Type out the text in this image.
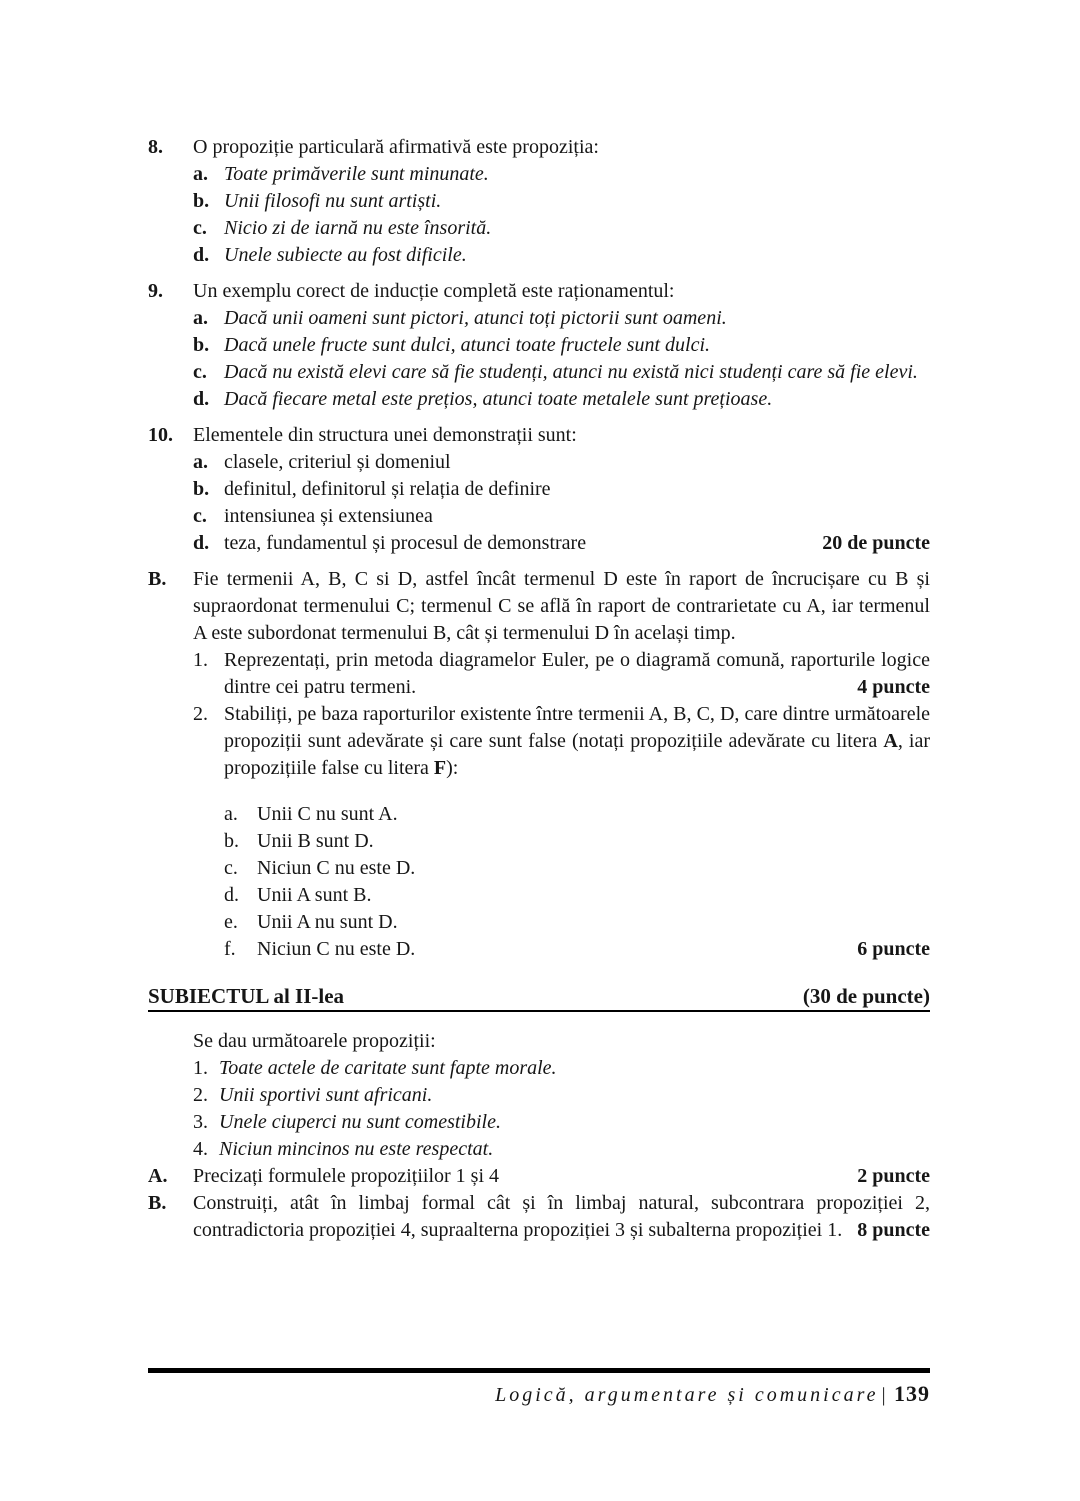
8.	O propoziție particulară afirmativă este propoziția:
a. Toate primăverile sunt minunate.
b. Unii filosofi nu sunt artiști.
c. Nicio zi de iarnă nu este însorită.
d. Unele subiecte au fost dificile.
9.	Un exemplu corect de inducție completă este raționamentul:
a. Dacă unii oameni sunt pictori, atunci toți pictorii sunt oameni.
b. Dacă unele fructe sunt dulci, atunci toate fructele sunt dulci.
c. Dacă nu există elevi care să fie studenți, atunci nu există nici studenți care să fie elevi.
d. Dacă fiecare metal este prețios, atunci toate metalele sunt prețioase.
10.	Elementele din structura unei demonstrații sunt:
a. clasele, criteriul și domeniul
b. definitul, definitorul și relația de definire
c. intensiunea și extensiunea
d. teza, fundamentul și procesul de demonstrare	20 de puncte
B.	Fie termenii A, B, C si D, astfel încât termenul D este în raport de încrucișare cu B și supraordonat termenului C; termenul C se află în raport de contrarietate cu A, iar termenul A este subordonat termenului B, cât și termenului D în același timp.
1. Reprezentați, prin metoda diagramelor Euler, pe o diagramă comună, raporturile logice dintre cei patru termeni.	4 puncte
2. Stabiliți, pe baza raporturilor existente între termenii A, B, C, D, care dintre următoarele propoziții sunt adevărate și care sunt false (notați propozițiile adevărate cu litera A, iar propozițiile false cu litera F):
a. Unii C nu sunt A.
b. Unii B sunt D.
c. Niciun C nu este D.
d. Unii A sunt B.
e. Unii A nu sunt D.
f.	Niciun C nu este D.	6 puncte
SUBIECTUL al II-lea	(30 de puncte)
Se dau următoarele propoziții:
1. Toate actele de caritate sunt fapte morale.
2. Unii sportivi sunt africani.
3. Unele ciuperci nu sunt comestibile.
4. Niciun mincinos nu este respectat.
A.	Precizați formulele propozițiilor 1 și 4	2 puncte
B.	Construiți, atât în limbaj formal cât și în limbaj natural, subcontrara propoziției 2, contradictoria propoziției 4, supraalterna propoziției 3 și subalterna propoziției 1. 8 puncte
Logică, argumentare și comunicare | 139
